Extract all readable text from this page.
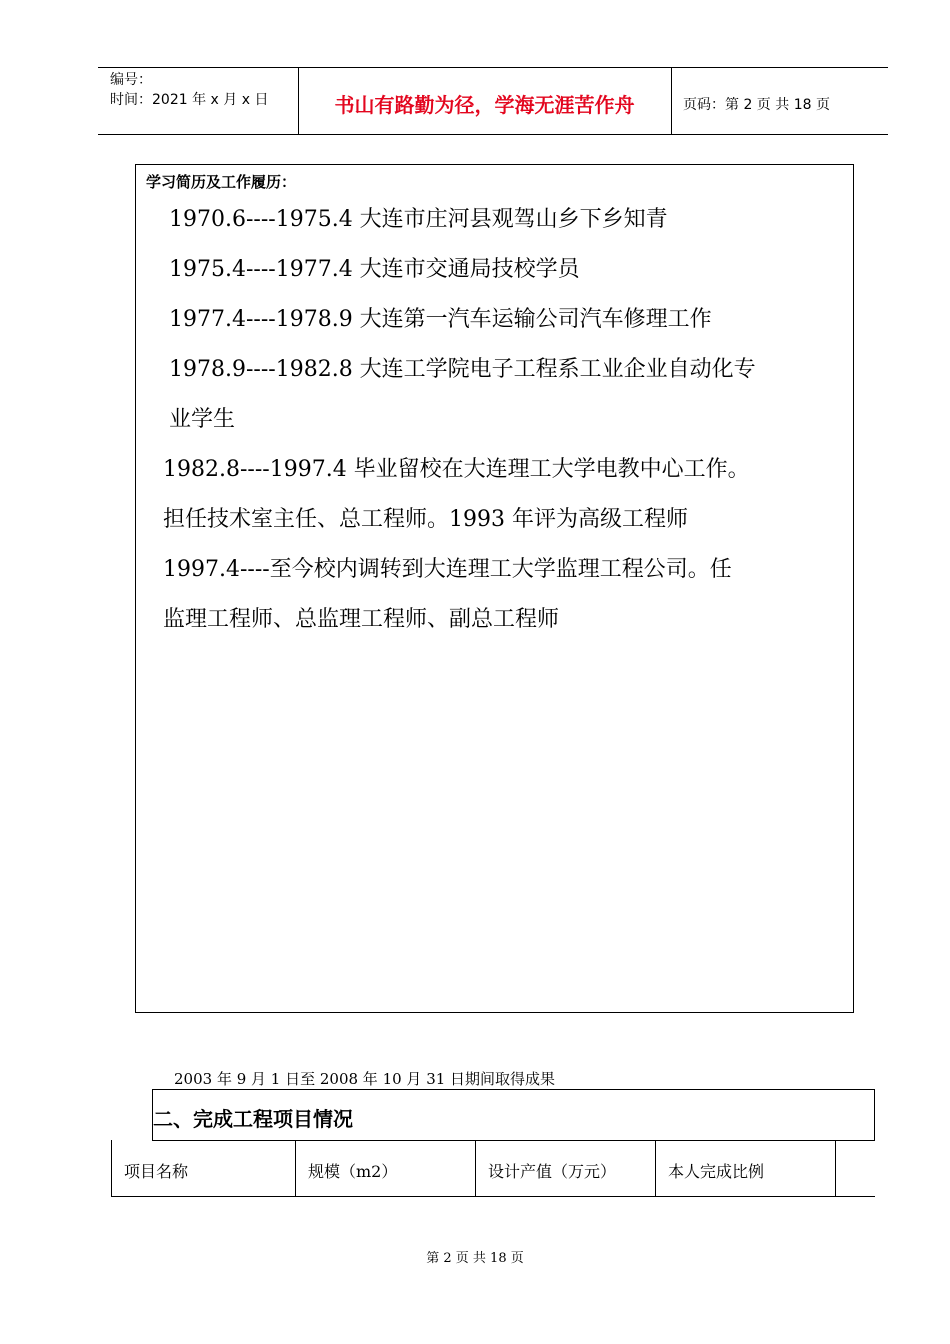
编号：
时间：2021 年 x 月 x 日	书山有路勤为径，学海无涯苦作舟	页码：第 2 页 共 18 页
学习简历及工作履历：

1970.6----1975.4 大连市庄河县观驾山乡下乡知青

1975.4----1977.4 大连市交通局技校学员

1977.4----1978.9 大连第一汽车运输公司汽车修理工作

1978.9----1982.8 大连工学院电子工程系工业企业自动化专

业学生

1982.8----1997.4 毕业留校在大连理工大学电教中心工作。

担任技术室主任、总工程师。1993 年评为高级工程师

1997.4----至今校内调转到大连理工大学监理工程公司。任

监理工程师、总监理工程师、副总工程师

2003 年 9 月 1 日至 2008 年 10 月 31 日期间取得成果
二、完成工程项目情况
项目名称	规模（m2）	设计产值（万元）	本人完成比例
第 2 页 共 18 页
